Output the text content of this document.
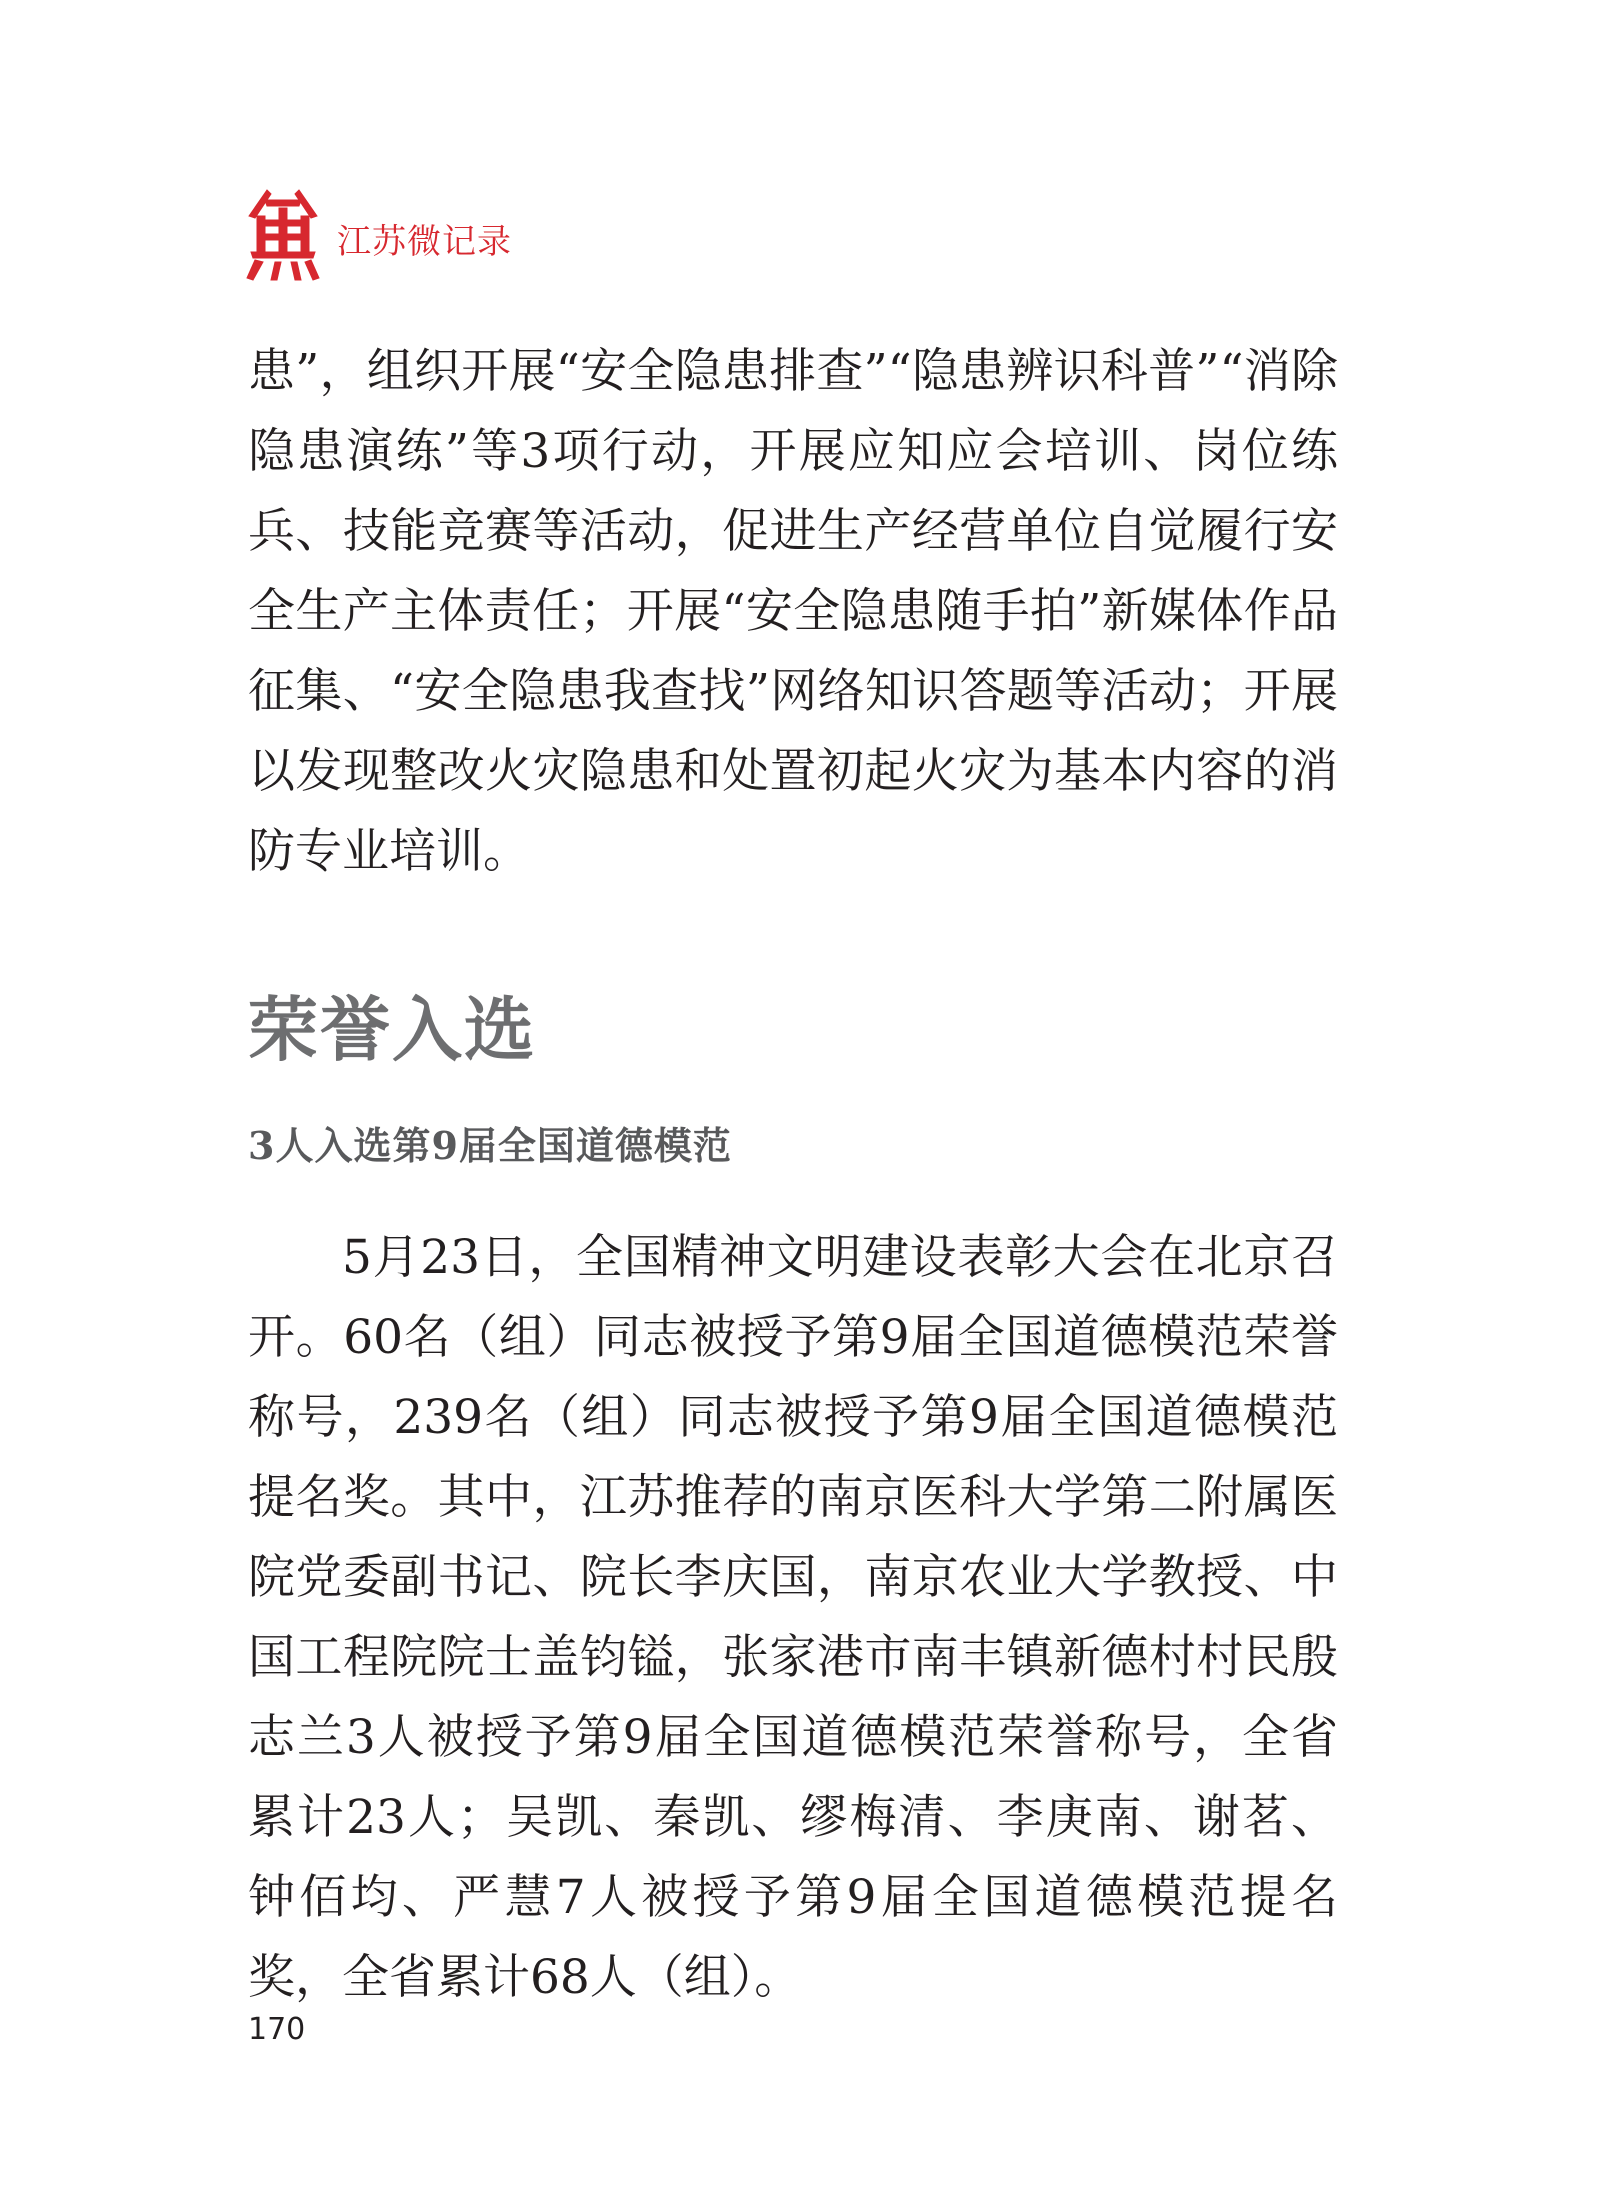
江苏微记录

患”，组织开展“安全隐患排查”“隐患辨识科普”“消除隐患演练”等3项行动，开展应知应会培训、岗位练兵、技能竞赛等活动，促进生产经营单位自觉履行安全生产主体责任；开展“安全隐患随手拍”新媒体作品征集、“安全隐患我查找”网络知识答题等活动；开展以发现整改火灾隐患和处置初起火灾为基本内容的消防专业培训。

荣誉入选
3人入选第9届全国道德模范

5月23日，全国精神文明建设表彰大会在北京召开。60名（组）同志被授予第9届全国道德模范荣誉称号，239名（组）同志被授予第9届全国道德模范提名奖。其中，江苏推荐的南京医科大学第二附属医院党委副书记、院长李庆国，南京农业大学教授、中国工程院院士盖钧镒，张家港市南丰镇新德村村民殷志兰3人被授予第9届全国道德模范荣誉称号，全省累计23人；吴凯、秦凯、缪梅清、李庚南、谢茗、钟佰均、严慧7人被授予第9届全国道德模范提名奖，全省累计68人（组）。

170
